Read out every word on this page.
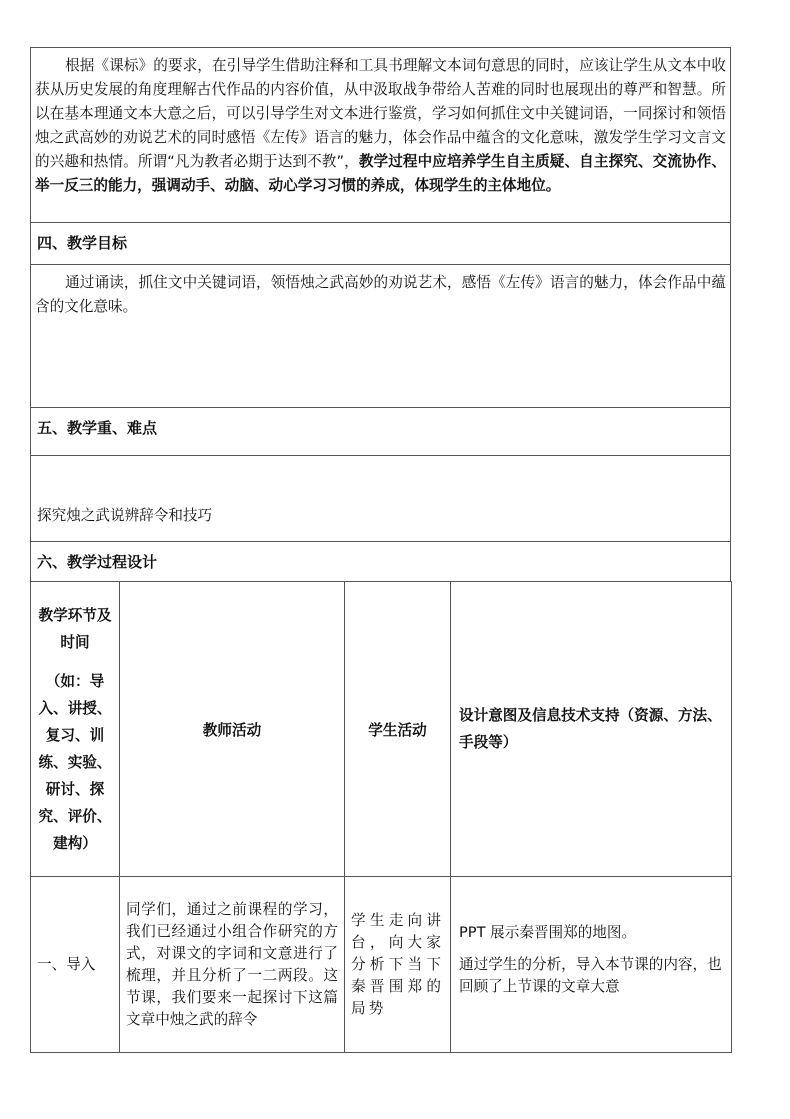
根据《课标》的要求，在引导学生借助注释和工具书理解文本词句意思的同时，应该让学生从文本中收获从历史发展的角度理解古代作品的内容价值，从中汲取战争带给人苦难的同时也展现出的尊严和智慧。所以在基本理通文本大意之后，可以引导学生对文本进行鉴赏，学习如何抓住文中关键词语，一同探讨和领悟烛之武高妙的劝说艺术的同时感悟《左传》语言的魅力，体会作品中蕴含的文化意味，激发学生学习文言文的兴趣和热情。所谓“凡为教者必期于达到不教”，教学过程中应培养学生自主质疑、自主探究、交流协作、举一反三的能力，强调动手、动脑、动心学习习惯的养成，体现学生的主体地位。
四、教学目标
通过诵读，抓住文中关键词语，领悟烛之武高妙的劝说艺术，感悟《左传》语言的魅力，体会作品中蕴含的文化意味。
五、教学重、难点
探究烛之武说辨辞令和技巧
六、教学过程设计
教学环节及时间
（如：导入、讲授、复习、训练、实验、研讨、探究、评价、建构）	教师活动	学生活动	设计意图及信息技术支持（资源、方法、手段等）
一、导入	同学们，通过之前课程的学习，我们已经通过小组合作研究的方式，对课文的字词和文意进行了梳理，并且分析了一二两段。这节课，我们要来一起探讨下这篇文章中烛之武的辞令	学生走向讲台，向大家分析下当下秦晋围郑的局势	PPT 展示秦晋围郑的地图。

通过学生的分析，导入本节课的内容，也回顾了上节课的文章大意
